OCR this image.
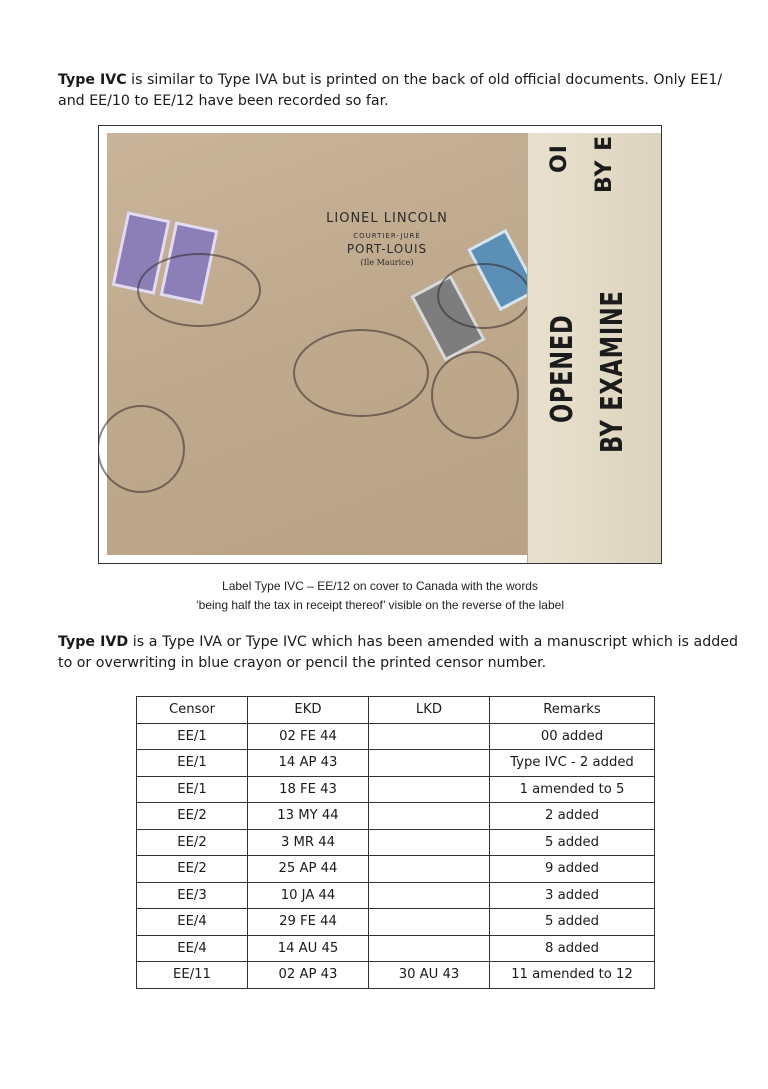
Type IVC is similar to Type IVA but is printed on the back of old official documents. Only EE1/ and EE/10 to EE/12 have been recorded so far.

LIONEL LINCOLN
COURTIER-JURÉ
PORT-LOUIS
(Ile Maurice)
OI BY E
OPENED BY EXAMINE
Label Type IVC – EE/12 on cover to Canada with the words
‘being half the tax in receipt thereof’ visible on the reverse of the label

Type IVD is a Type IVA or Type IVC which has been amended with a manuscript which is added to or overwriting in blue crayon or pencil the printed censor number.

Censor	EKD	LKD	Remarks
EE/1	02 FE 44		00 added
EE/1	14 AP 43		Type IVC - 2 added
EE/1	18 FE 43		1 amended to 5
EE/2	13 MY 44		2 added
EE/2	3 MR 44		5 added
EE/2	25 AP 44		9 added
EE/3	10 JA 44		3 added
EE/4	29 FE 44		5 added
EE/4	14 AU 45		8 added
EE/11	02 AP 43	30 AU 43	11 amended to 12
